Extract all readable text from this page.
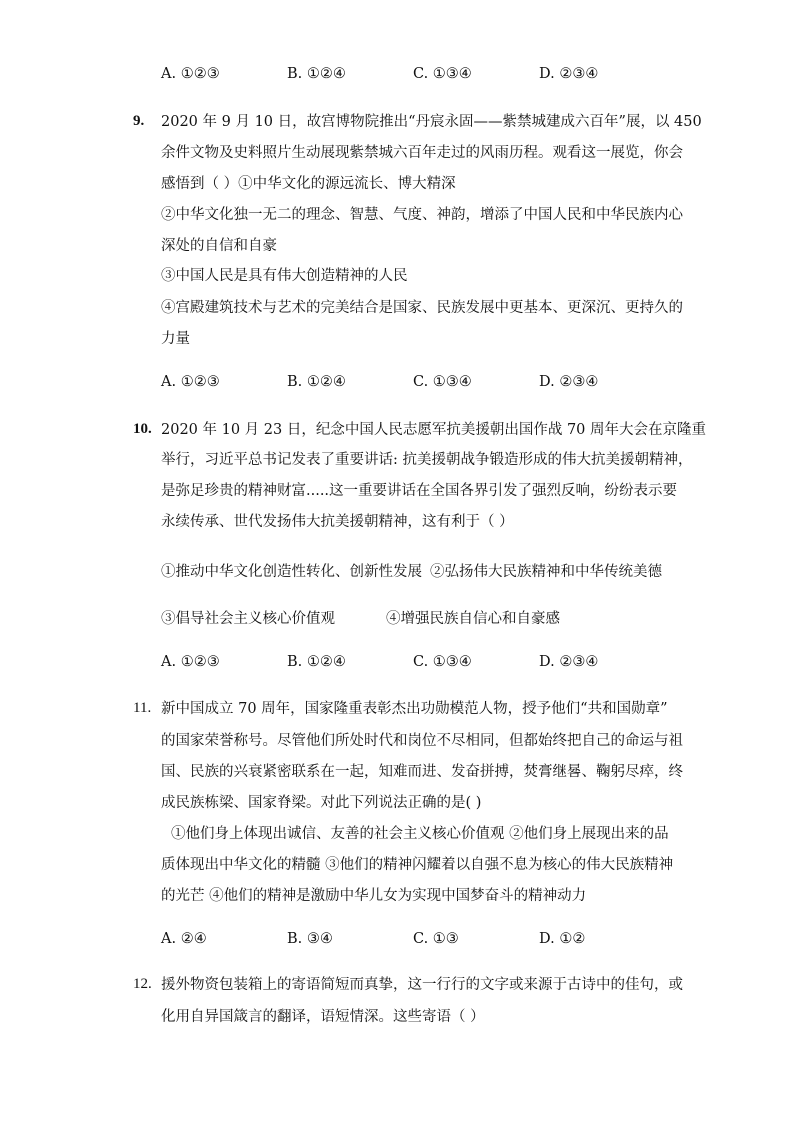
A. ①②③	B. ①②④	C. ①③④	D. ②③④
9. 2020 年 9 月 10 日，故宫博物院推出“丹宸永固——紫禁城建成六百年”展，以 450
余件文物及史料照片生动展现紫禁城六百年走过的风雨历程。观看这一展览，你会
感悟到（ ）①中华文化的源远流长、博大精深
②中华文化独一无二的理念、智慧、气度、神韵，增添了中国人民和中华民族内心
深处的自信和自豪
③中国人民是具有伟大创造精神的人民
④宫殿建筑技术与艺术的完美结合是国家、民族发展中更基本、更深沉、更持久的
力量
A. ①②③	B. ①②④	C. ①③④	D. ②③④
10. 2020 年 10 月 23 日，纪念中国人民志愿军抗美援朝出国作战 70 周年大会在京隆重
举行，习近平总书记发表了重要讲话: 抗美援朝战争锻造形成的伟大抗美援朝精神，
是弥足珍贵的精神财富.....这一重要讲话在全国各界引发了强烈反响，纷纷表示要
永续传承、世代发扬伟大抗美援朝精神，这有利于（ ）
①推动中华文化创造性转化、创新性发展 ②弘扬伟大民族精神和中华传统美德
③倡导社会主义核心价值观	④增强民族自信心和自豪感
A. ①②③	B. ①②④	C. ①③④	D. ②③④
11. 新中国成立 70 周年，国家隆重表彰杰出功勋模范人物，授予他们“共和国勋章”
的国家荣誉称号。尽管他们所处时代和岗位不尽相同，但都始终把自己的命运与祖
国、民族的兴衰紧密联系在一起，知难而进、发奋拼搏，焚膏继晷、鞠躬尽瘁，终
成民族栋梁、国家脊梁。对此下列说法正确的是( )
①他们身上体现出诚信、友善的社会主义核心价值观 ②他们身上展现出来的品
质体现出中华文化的精髓 ③他们的精神闪耀着以自强不息为核心的伟大民族精神
的光芒 ④他们的精神是激励中华儿女为实现中国梦奋斗的精神动力
A. ②④	B. ③④	C. ①③	D. ①②
12. 援外物资包装箱上的寄语简短而真挚，这一行行的文字或来源于古诗中的佳句，或
化用自异国箴言的翻译，语短情深。这些寄语（ ）
